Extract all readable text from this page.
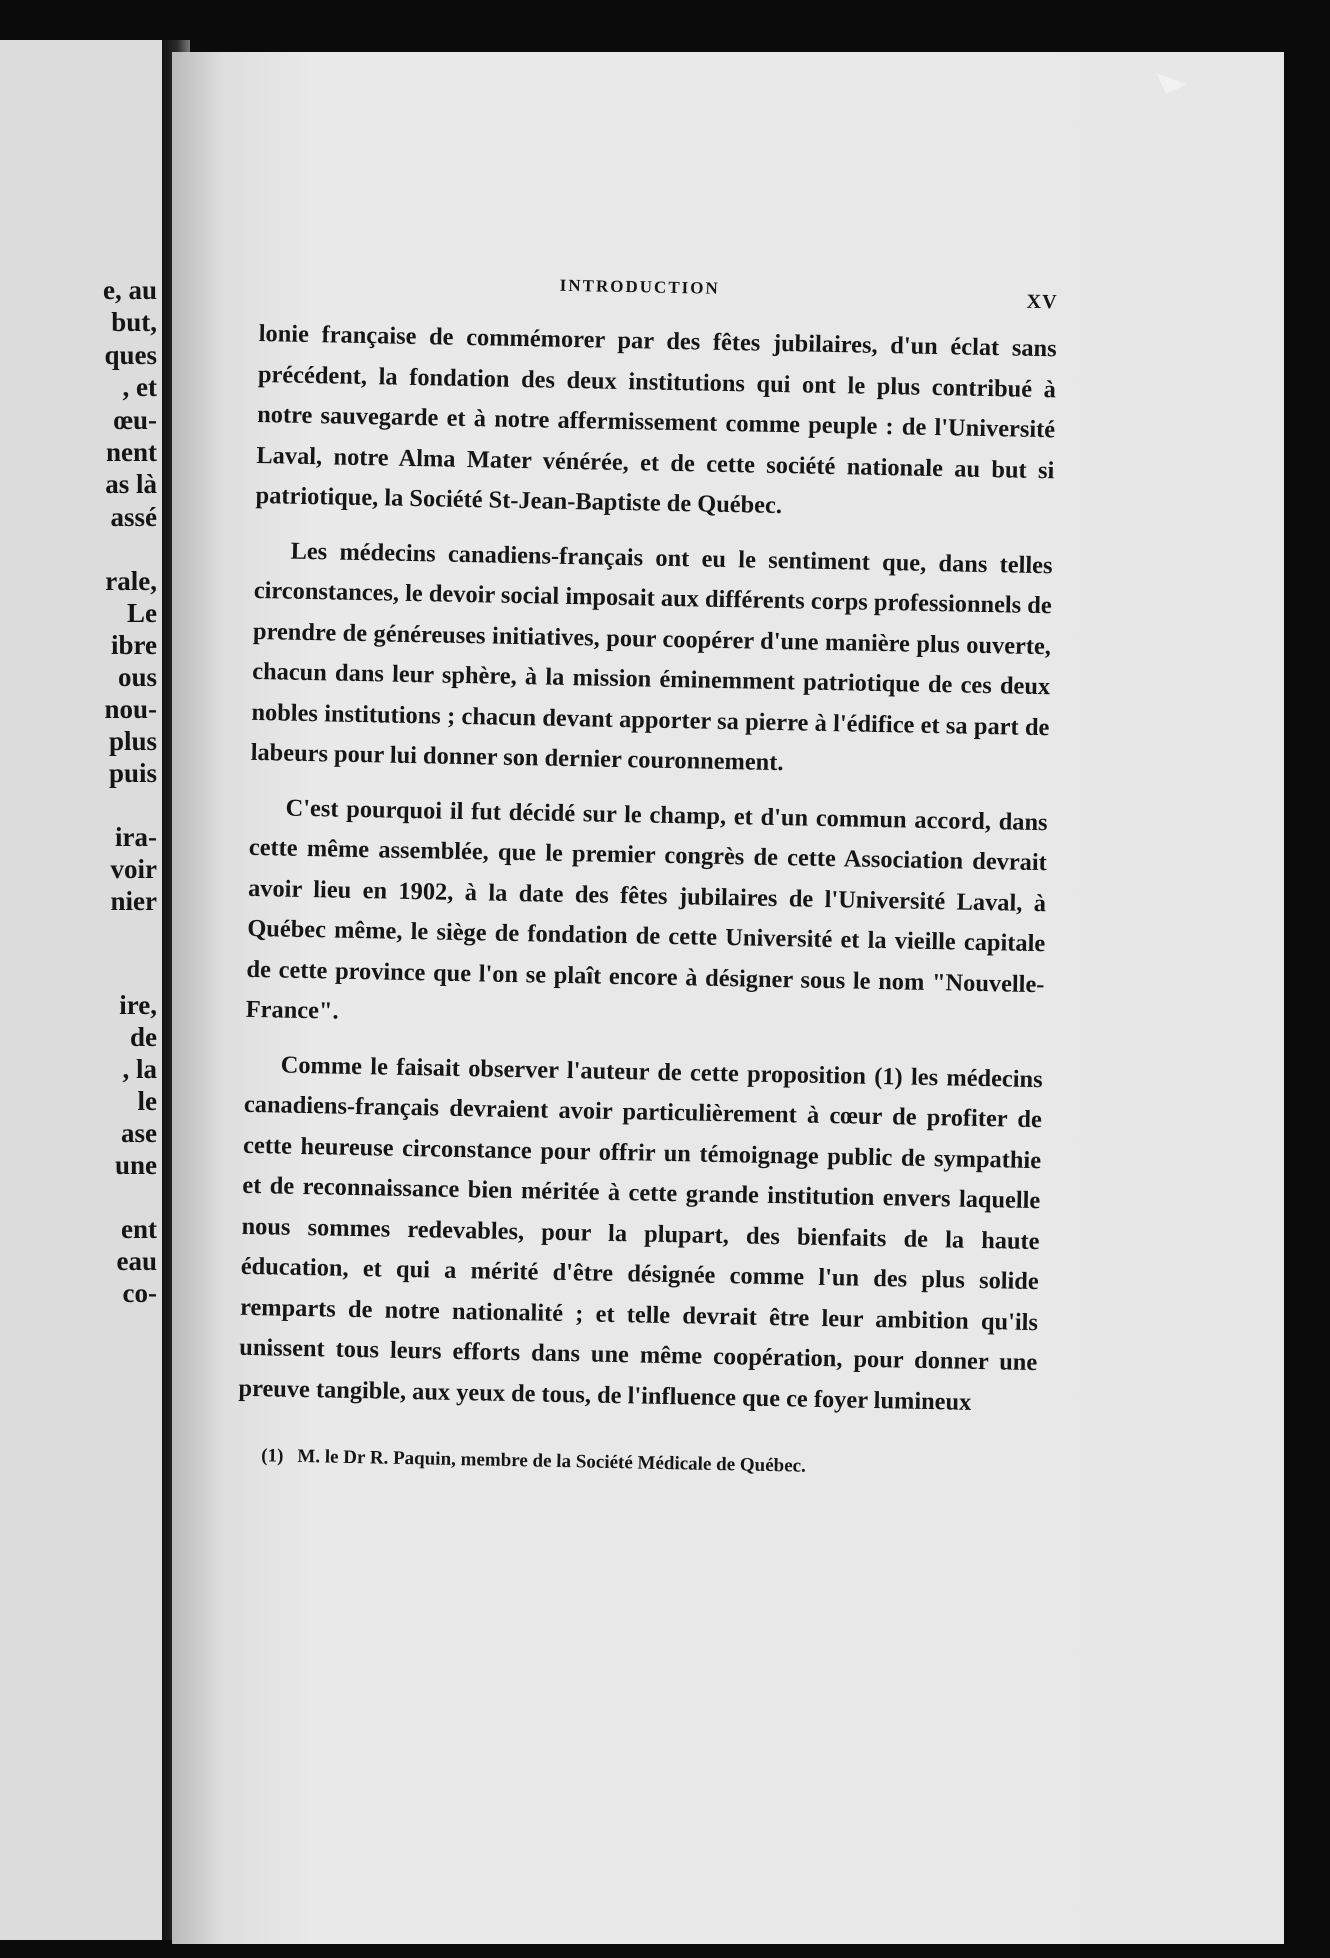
e, au
but,
ques
, et
œu-
nent
as là
assé
rale,
Le
ibre
ous
nou-
plus
puis
ira-
voir
nier
ire,
de
, la
le
ase
une
ent
eau
co-
◣
INTRODUCTION
XV

lonie française de commémorer par des fêtes jubilaires, d'un éclat sans précédent, la fondation des deux institutions qui ont le plus contribué à notre sauvegarde et à notre affermissement comme peuple : de l'Université Laval, notre Alma Mater vénérée, et de cette société nationale au but si patriotique, la Société St-Jean-Baptiste de Québec.

Les médecins canadiens-français ont eu le sentiment que, dans telles circonstances, le devoir social imposait aux différents corps professionnels de prendre de généreuses initiatives, pour coopérer d'une manière plus ouverte, chacun dans leur sphère, à la mission éminemment patriotique de ces deux nobles institutions ; chacun devant apporter sa pierre à l'édifice et sa part de labeurs pour lui donner son dernier couronnement.

C'est pourquoi il fut décidé sur le champ, et d'un commun accord, dans cette même assemblée, que le premier congrès de cette Association devrait avoir lieu en 1902, à la date des fêtes jubilaires de l'Université Laval, à Québec même, le siège de fondation de cette Université et la vieille capitale de cette province que l'on se plaît encore à désigner sous le nom "Nouvelle-France".

Comme le faisait observer l'auteur de cette proposition (1) les médecins canadiens-français devraient avoir particulièrement à cœur de profiter de cette heureuse circonstance pour offrir un témoignage public de sympathie et de reconnaissance bien méritée à cette grande institution envers laquelle nous sommes redevables, pour la plupart, des bienfaits de la haute éducation, et qui a mérité d'être désignée comme l'un des plus solide remparts de notre nationalité ; et telle devrait être leur ambition qu'ils unissent tous leurs efforts dans une même coopération, pour donner une preuve tangible, aux yeux de tous, de l'influence que ce foyer lumineux

(1) M. le Dr R. Paquin, membre de la Société Médicale de Québec.
